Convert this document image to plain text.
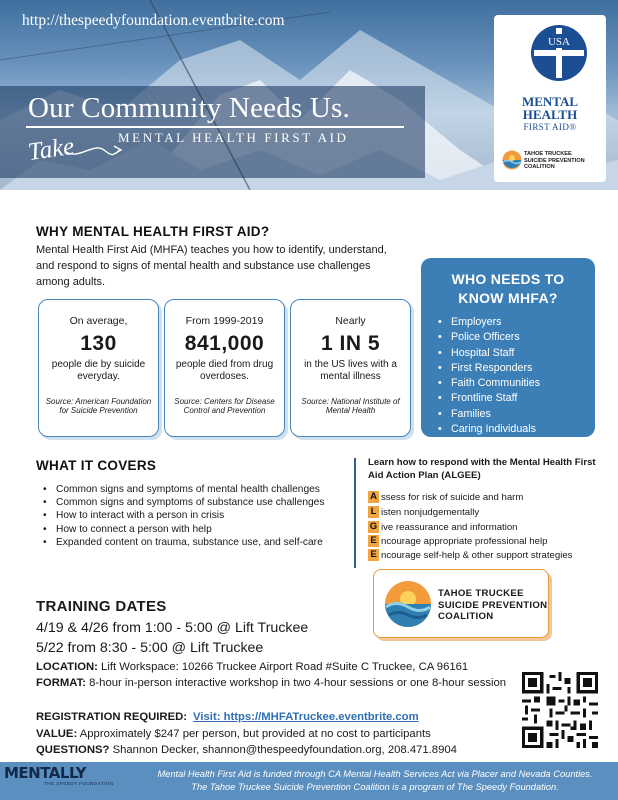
http://thespeedyfoundation.eventbrite.com
Our Community Needs Us.
MENTAL HEALTH FIRST AID
Take
USA
MENTAL
HEALTH
FIRST AID®
TAHOE TRUCKEE
SUICIDE PREVENTION
COALITION
WHY MENTAL HEALTH FIRST AID?
Mental Health First Aid (MHFA) teaches you how to identify, understand, and respond to signs of mental health and substance use challenges among adults.
On average,
130
people die by suicide everyday.
Source: American Foundation for Suicide Prevention
From 1999-2019
841,000
people died from drug overdoses.
Source: Centers for Disease Control and Prevention
Nearly
1 IN 5
in the US lives with a mental illness
Source: National Institute of Mental Health
WHO NEEDS TO
KNOW MHFA?
• Employers
• Police Officers
• Hospital Staff
• First Responders
• Faith Communities
• Frontline Staff
• Families
• Caring Individuals
WHAT IT COVERS
• Common signs and symptoms of mental health challenges
• Common signs and symptoms of substance use challenges
• How to interact with a person in crisis
• How to connect a person with help
• Expanded content on trauma, substance use, and self-care
Learn how to respond with the Mental Health First Aid Action Plan (ALGEE)
A ssess for risk of suicide and harm
L isten nonjudgementally
G ive reassurance and information
E ncourage appropriate professional help
E ncourage self-help & other support strategies
TAHOE TRUCKEE
SUICIDE PREVENTION
COALITION
TRAINING DATES
4/19 & 4/26 from 1:00 - 5:00 @ Lift Truckee
5/22 from 8:30 - 5:00 @ Lift Truckee
LOCATION: Lift Workspace: 10266 Truckee Airport Road #Suite C Truckee, CA 96161
FORMAT: 8-hour in-person interactive workshop in two 4-hour sessions or one 8-hour session
REGISTRATION REQUIRED: Visit: https://MHFATruckee.eventbrite.com
VALUE: Approximately $247 per person, but provided at no cost to participants
QUESTIONS? Shannon Decker, shannon@thespeedyfoundation.org, 208.471.8904
MENTALLY
THE SPEEDY FOUNDATION
Mental Health First Aid is funded through CA Mental Health Services Act via Placer and Nevada Counties.
The Tahoe Truckee Suicide Prevention Coalition is a program of The Speedy Foundation.
